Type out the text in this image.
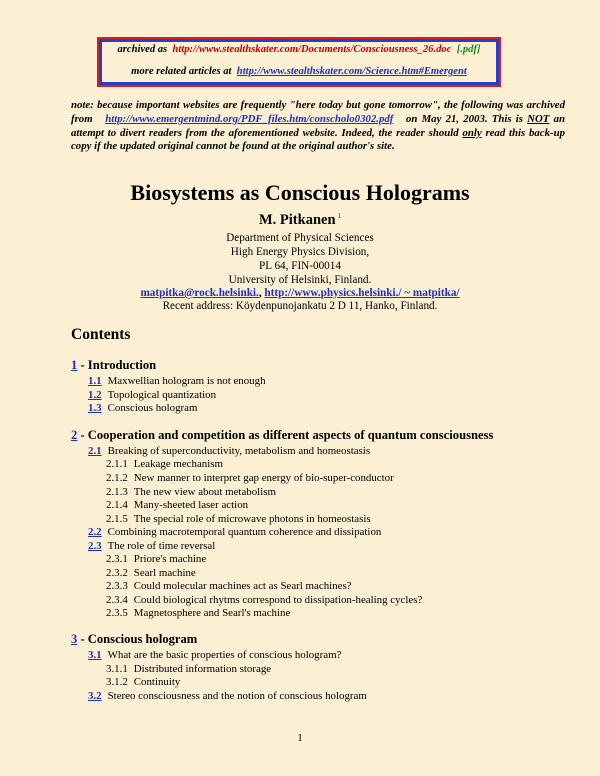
archived as http://www.stealthskater.com/Documents/Consciousness_26.doc [.pdf]
more related articles at http://www.stealthskater.com/Science.htm#Emergent
note: because important websites are frequently "here today but gone tomorrow", the following was archived from http://www.emergentmind.org/PDF_files.htm/conscholo0302.pdf on May 21, 2003. This is NOT an attempt to divert readers from the aforementioned website. Indeed, the reader should only read this back-up copy if the updated original cannot be found at the original author's site.
Biosystems as Conscious Holograms
M. Pitkanen $^1$
Department of Physical Sciences
High Energy Physics Division,
PL 64, FIN-00014
University of Helsinki, Finland.
matpitka@rock.helsinki., http://www.physics.helsinki./ ~ matpitka/
Recent address: Köydenpunojankatu 2 D 11, Hanko, Finland.
Contents
1 - Introduction
1.1 Maxwellian hologram is not enough
1.2 Topological quantization
1.3 Conscious hologram
2 - Cooperation and competition as different aspects of quantum consciousness
2.1 Breaking of superconductivity, metabolism and homeostasis
2.1.1 Leakage mechanism
2.1.2 New manner to interpret gap energy of bio-super-conductor
2.1.3 The new view about metabolism
2.1.4 Many-sheeted laser action
2.1.5 The special role of microwave photons in homeostasis
2.2 Combining macrotemporal quantum coherence and dissipation
2.3 The role of time reversal
2.3.1 Priore's machine
2.3.2 Searl machine
2.3.3 Could molecular machines act as Searl machines?
2.3.4 Could biological rhytms correspond to dissipation-healing cycles?
2.3.5 Magnetosphere and Searl's machine
3 - Conscious hologram
3.1 What are the basic properties of conscious hologram?
3.1.1 Distributed information storage
3.1.2 Continuity
3.2 Stereo consciousness and the notion of conscious hologram
1
